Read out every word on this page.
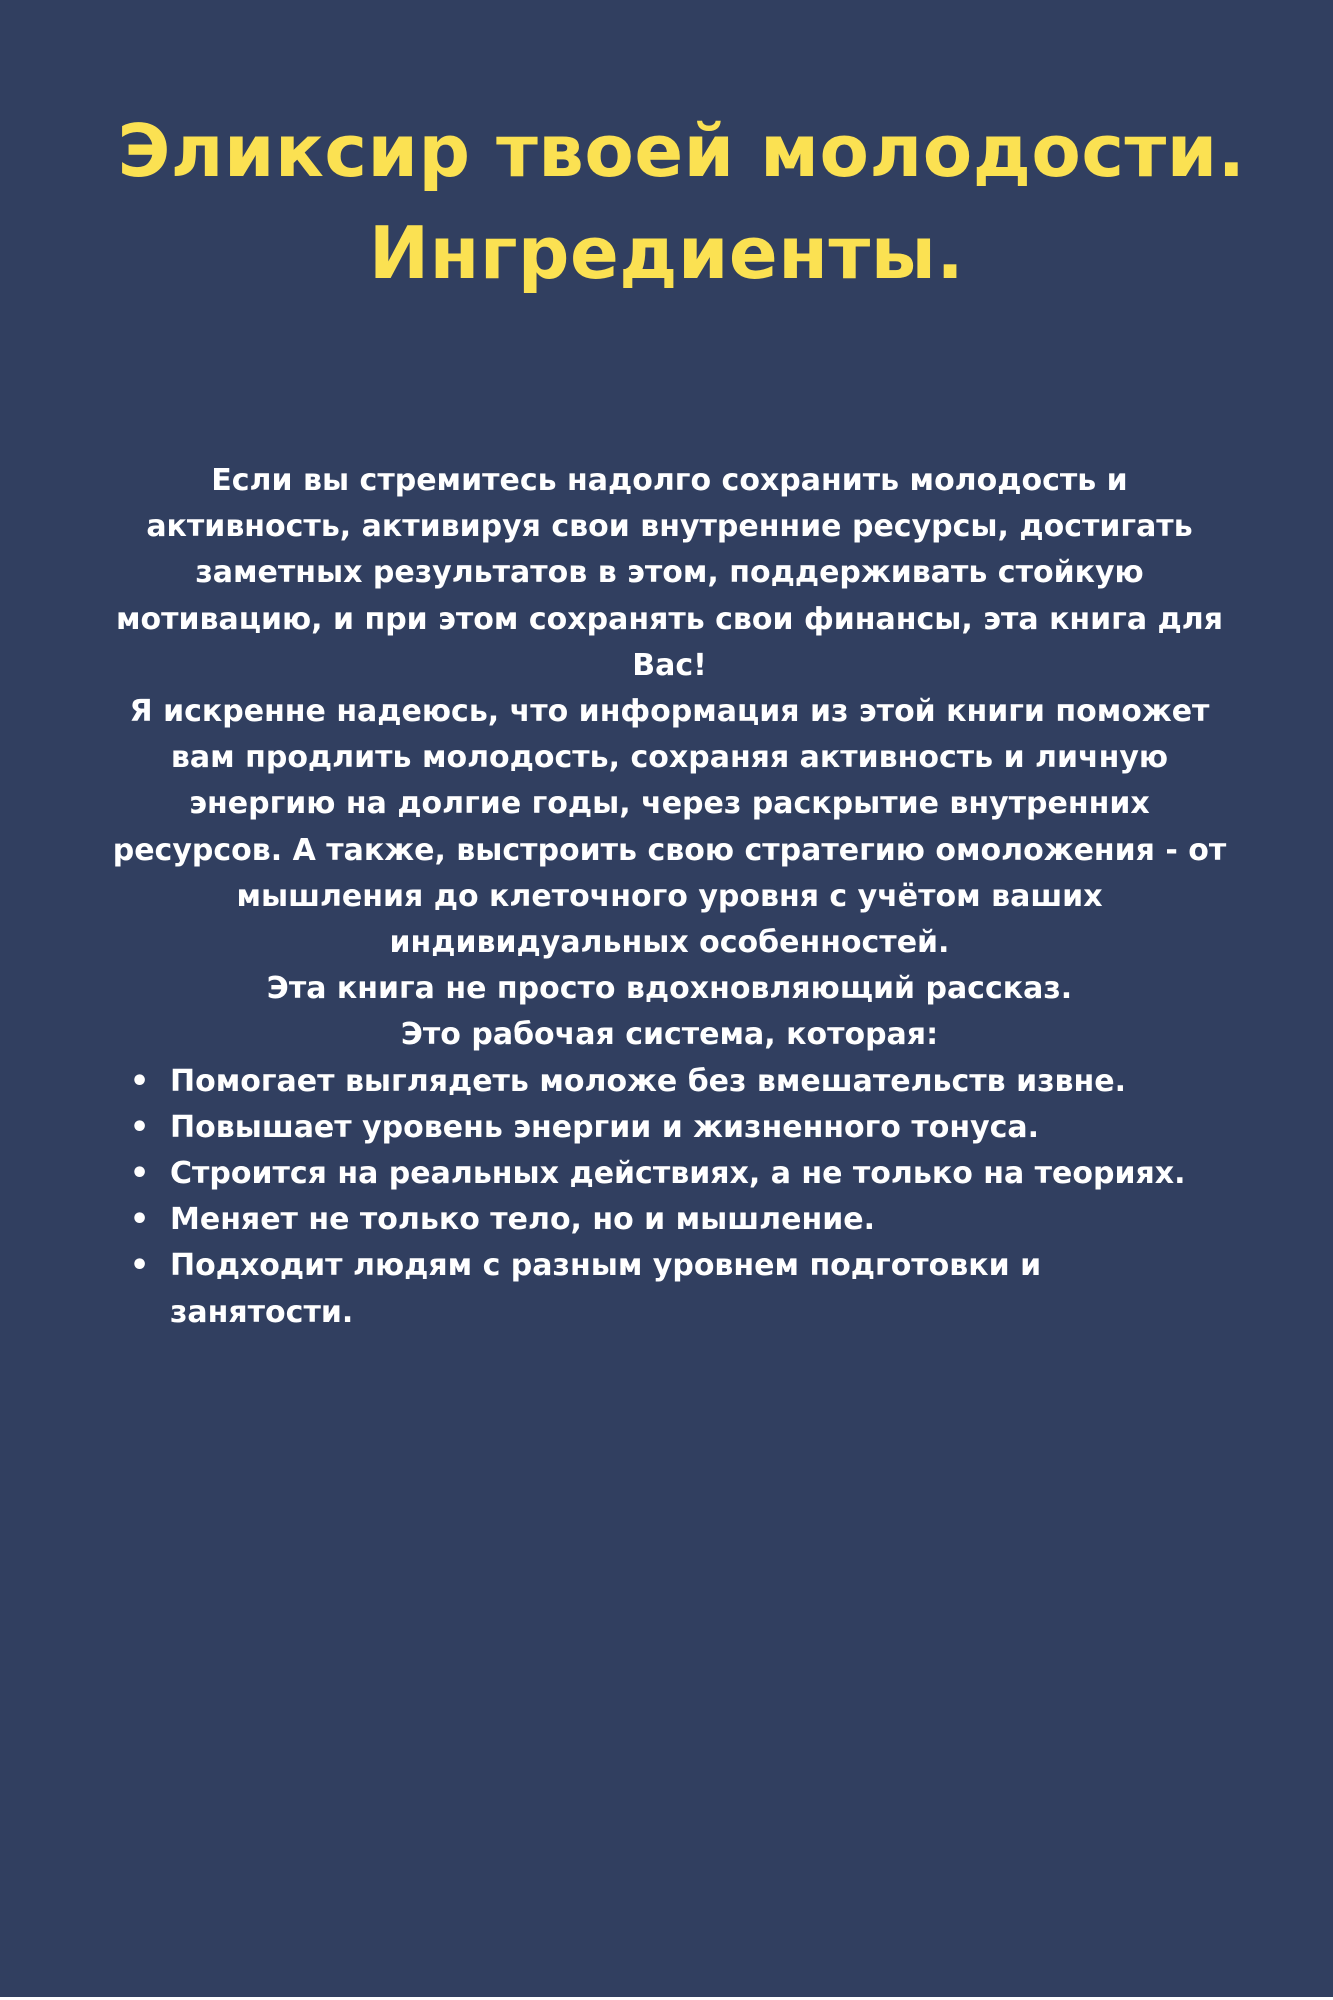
Эликсир твоей молодости.
Ингредиенты.

Если вы стремитесь надолго сохранить молодость и активность, активируя свои внутренние ресурсы, достигать заметных результатов в этом, поддерживать стойкую мотивацию, и при этом сохранять свои финансы, эта книга для Вас!

Я искренне надеюсь, что информация из этой книги поможет вам продлить молодость, сохраняя активность и личную энергию на долгие годы, через раскрытие внутренних ресурсов. А также, выстроить свою стратегию омоложения - от мышления до клеточного уровня с учётом ваших индивидуальных особенностей.

Эта книга не просто вдохновляющий рассказ.

Это рабочая система, которая:

• Помогает выглядеть моложе без вмешательств извне.
• Повышает уровень энергии и жизненного тонуса.
• Строится на реальных действиях, а не только на теориях.
• Меняет не только тело, но и мышление.
• Подходит людям с разным уровнем подготовки и занятости.
